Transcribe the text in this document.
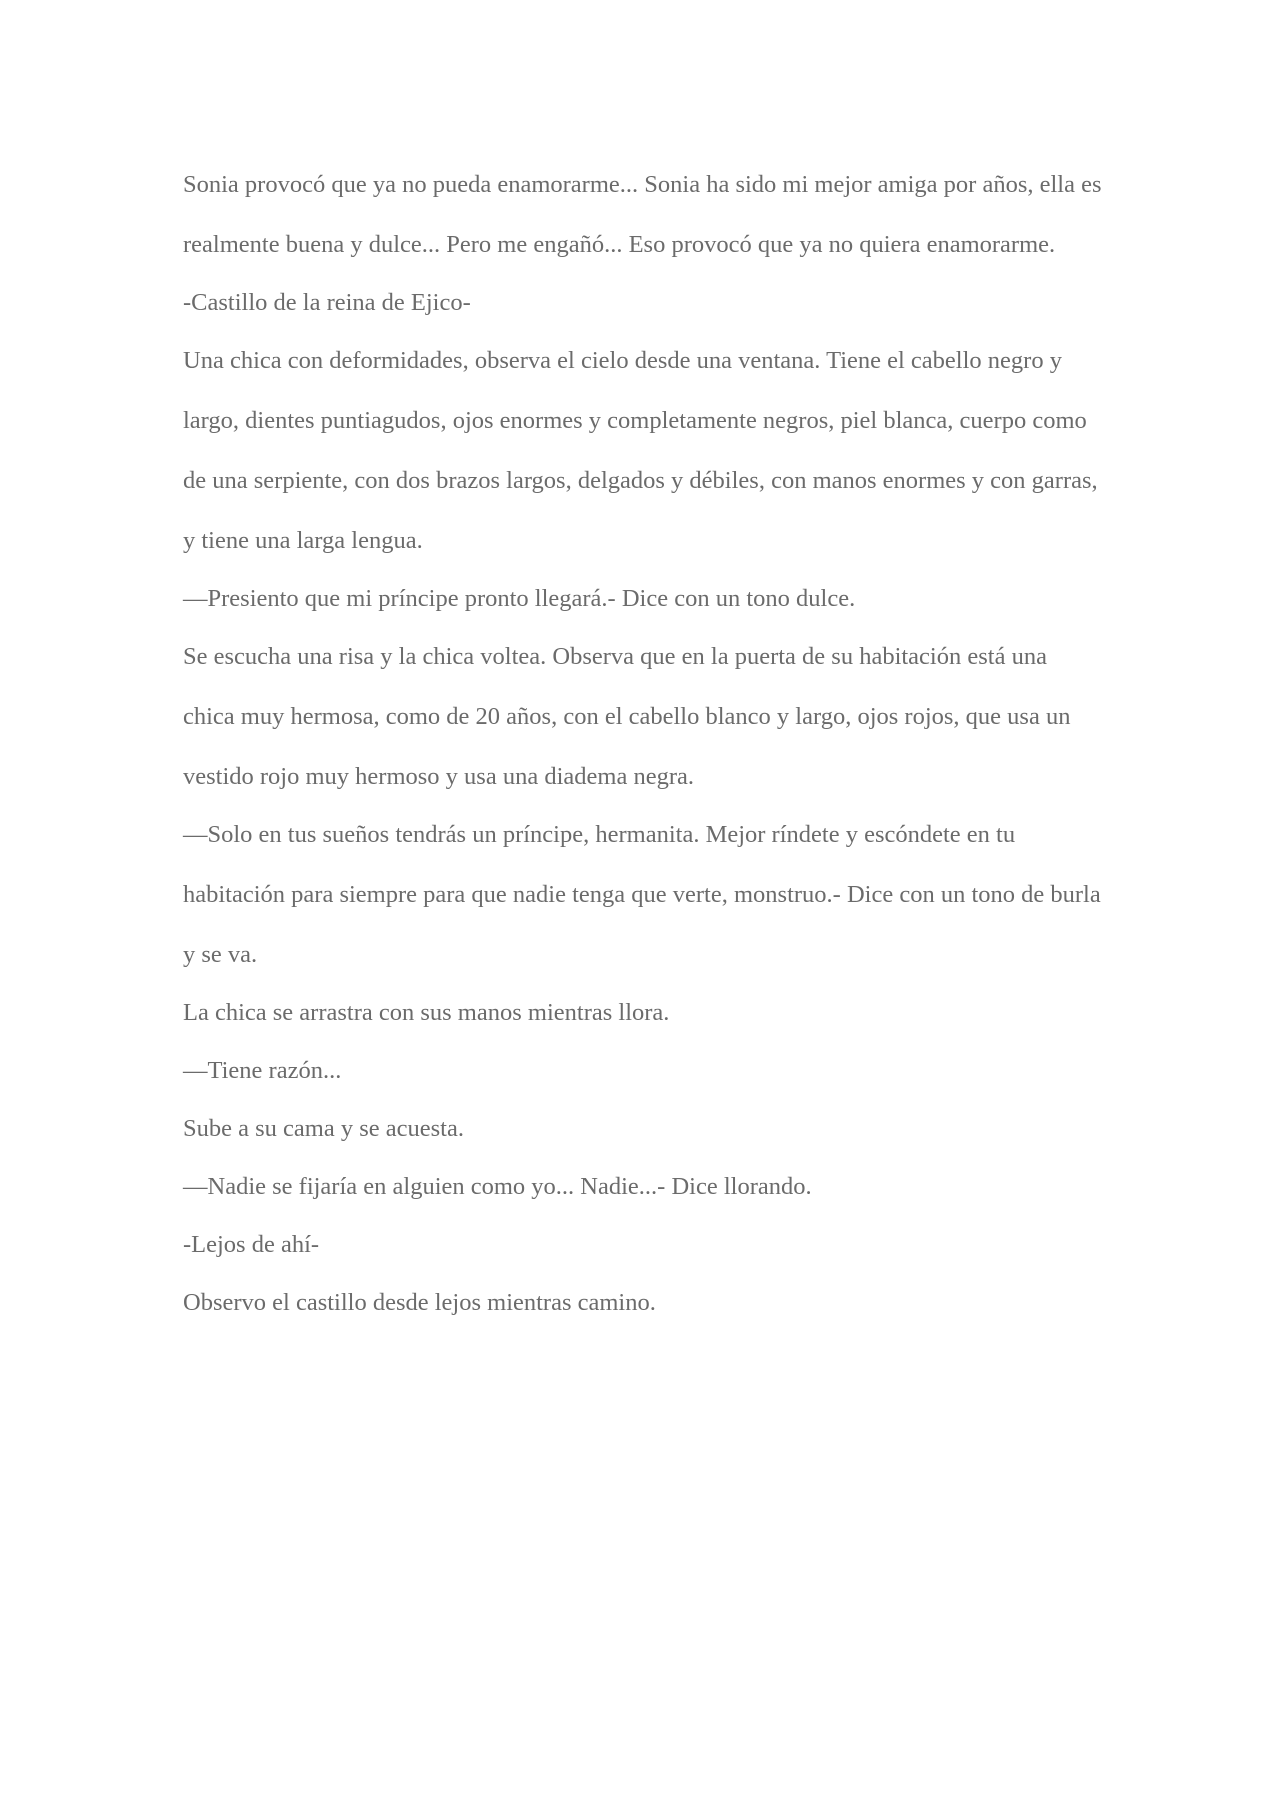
Sonia provocó que ya no pueda enamorarme... Sonia ha sido mi mejor amiga por años, ella es realmente buena y dulce... Pero me engañó... Eso provocó que ya no quiera enamorarme.

-Castillo de la reina de Ejico-

Una chica con deformidades, observa el cielo desde una ventana. Tiene el cabello negro y largo, dientes puntiagudos, ojos enormes y completamente negros, piel blanca, cuerpo como de una serpiente, con dos brazos largos, delgados y débiles, con manos enormes y con garras, y tiene una larga lengua.

—Presiento que mi príncipe pronto llegará.- Dice con un tono dulce.

Se escucha una risa y la chica voltea. Observa que en la puerta de su habitación está una chica muy hermosa, como de 20 años, con el cabello blanco y largo, ojos rojos, que usa un vestido rojo muy hermoso y usa una diadema negra.

—Solo en tus sueños tendrás un príncipe, hermanita. Mejor ríndete y escóndete en tu habitación para siempre para que nadie tenga que verte, monstruo.- Dice con un tono de burla y se va.

La chica se arrastra con sus manos mientras llora.

—Tiene razón...

Sube a su cama y se acuesta.

—Nadie se fijaría en alguien como yo... Nadie...- Dice llorando.

-Lejos de ahí-

Observo el castillo desde lejos mientras camino.
